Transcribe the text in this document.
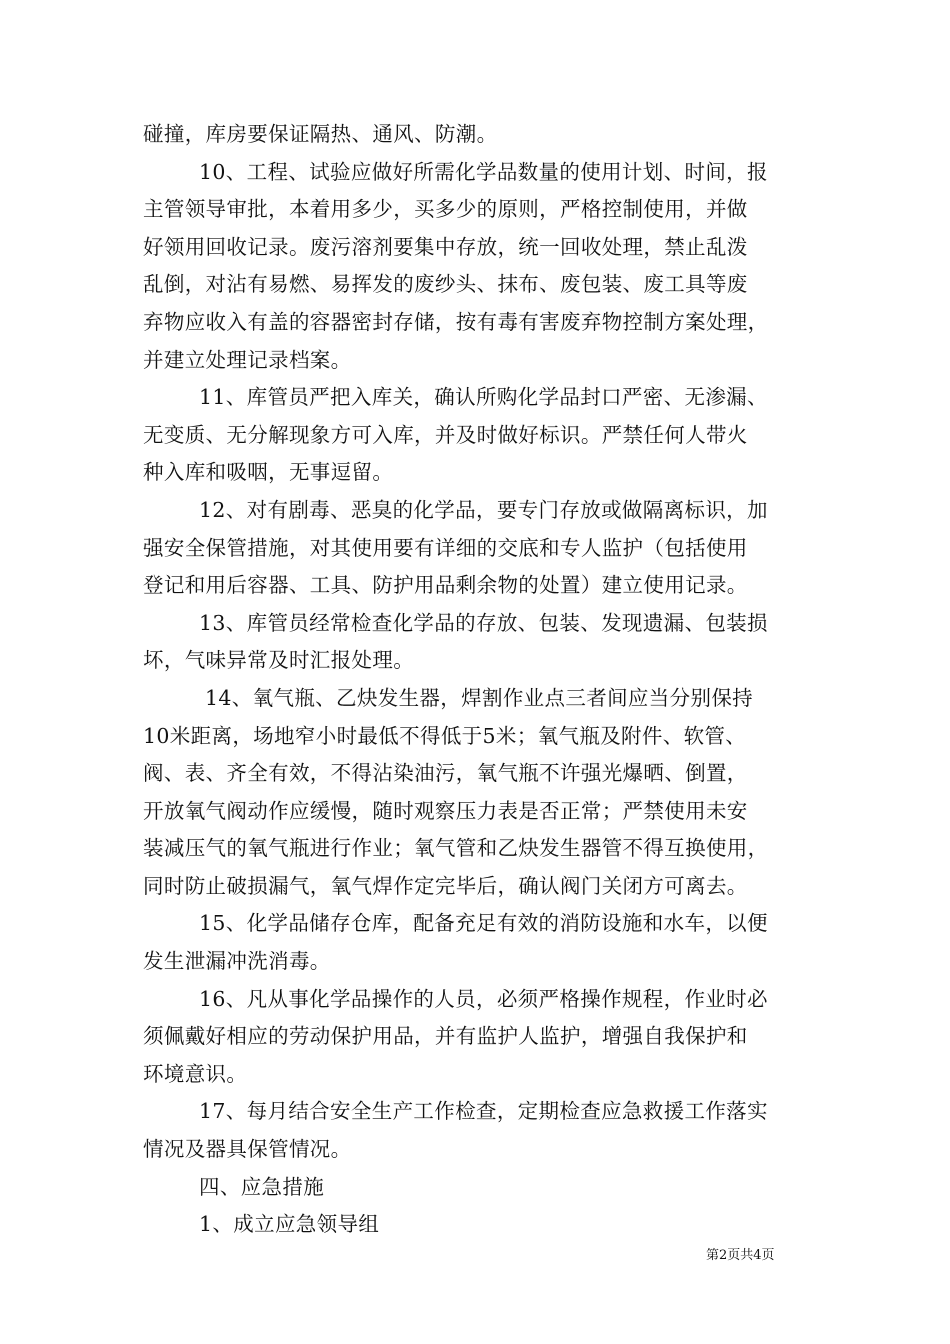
碰撞，库房要保证隔热、通风、防潮。
10、工程、试验应做好所需化学品数量的使用计划、时间，报
主管领导审批，本着用多少，买多少的原则，严格控制使用，并做
好领用回收记录。废污溶剂要集中存放，统一回收处理，禁止乱泼
乱倒，对沾有易燃、易挥发的废纱头、抹布、废包装、废工具等废
弃物应收入有盖的容器密封存储，按有毒有害废弃物控制方案处理，
并建立处理记录档案。
11、库管员严把入库关，确认所购化学品封口严密、无渗漏、
无变质、无分解现象方可入库，并及时做好标识。严禁任何人带火
种入库和吸咽，无事逗留。
12、对有剧毒、恶臭的化学品，要专门存放或做隔离标识，加
强安全保管措施，对其使用要有详细的交底和专人监护（包括使用
登记和用后容器、工具、防护用品剩余物的处置）建立使用记录。
13、库管员经常检查化学品的存放、包装、发现遗漏、包装损
坏，气味异常及时汇报处理。
14、氧气瓶、乙炔发生器，焊割作业点三者间应当分别保持
10米距离，场地窄小时最低不得低于5米；氧气瓶及附件、软管、
阀、表、齐全有效，不得沾染油污，氧气瓶不许强光爆晒、倒置，
开放氧气阀动作应缓慢，随时观察压力表是否正常；严禁使用未安
装减压气的氧气瓶进行作业；氧气管和乙炔发生器管不得互换使用，
同时防止破损漏气，氧气焊作定完毕后，确认阀门关闭方可离去。
15、化学品储存仓库，配备充足有效的消防设施和水车，以便
发生泄漏冲洗消毒。
16、凡从事化学品操作的人员，必须严格操作规程，作业时必
须佩戴好相应的劳动保护用品，并有监护人监护，增强自我保护和
环境意识。
17、每月结合安全生产工作检查，定期检查应急救援工作落实
情况及器具保管情况。
四、应急措施
1、成立应急领导组
第2页共4页
